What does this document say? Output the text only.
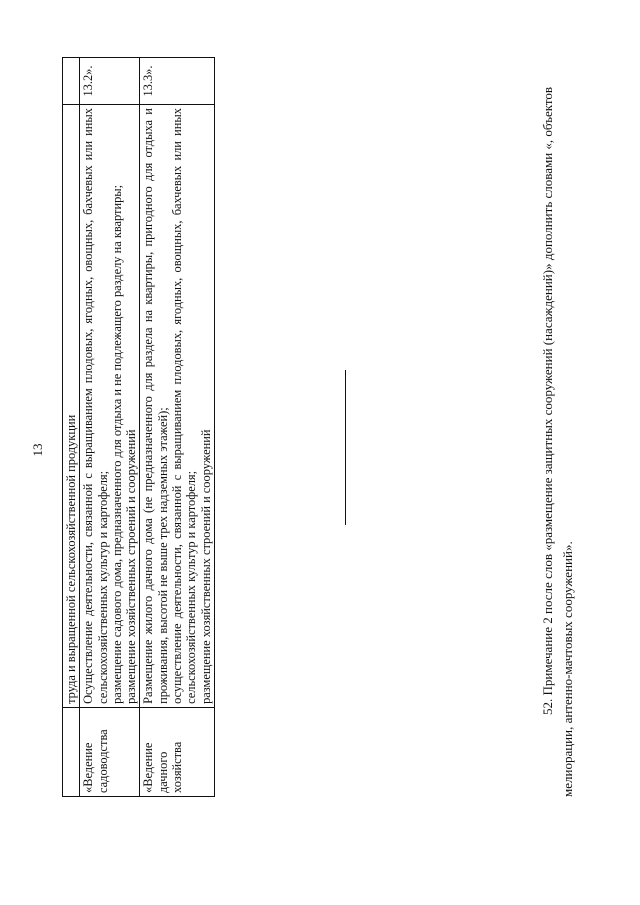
13
	труда и выращенной сельскохозяйственной продукции	
«Ведение садоводства	Осуществление деятельности, связанной с выращиванием плодовых, ягодных, овощных, бахчевых или иных сельскохозяйственных культур и картофеля; размещение садового дома, предназначенного для отдыха и не подлежащего разделу на квартиры; размещение хозяйственных строений и сооружений	13.2».
«Ведение дачного хозяйства	Размещение жилого дачного дома (не предназначенного для раздела на квартиры, пригодного для отдыха и проживания, высотой не выше трех надземных этажей); осуществление деятельности, связанной с выращиванием плодовых, ягодных, овощных, бахчевых или иных сельскохозяйственных культур и картофеля; размещение хозяйственных строений и сооружений	13.3».
52. Примечание 2 после слов «размещение защитных сооружений (насаждений)» дополнить словами «, объектов мелиорации, антенно-мачтовых сооружений».
